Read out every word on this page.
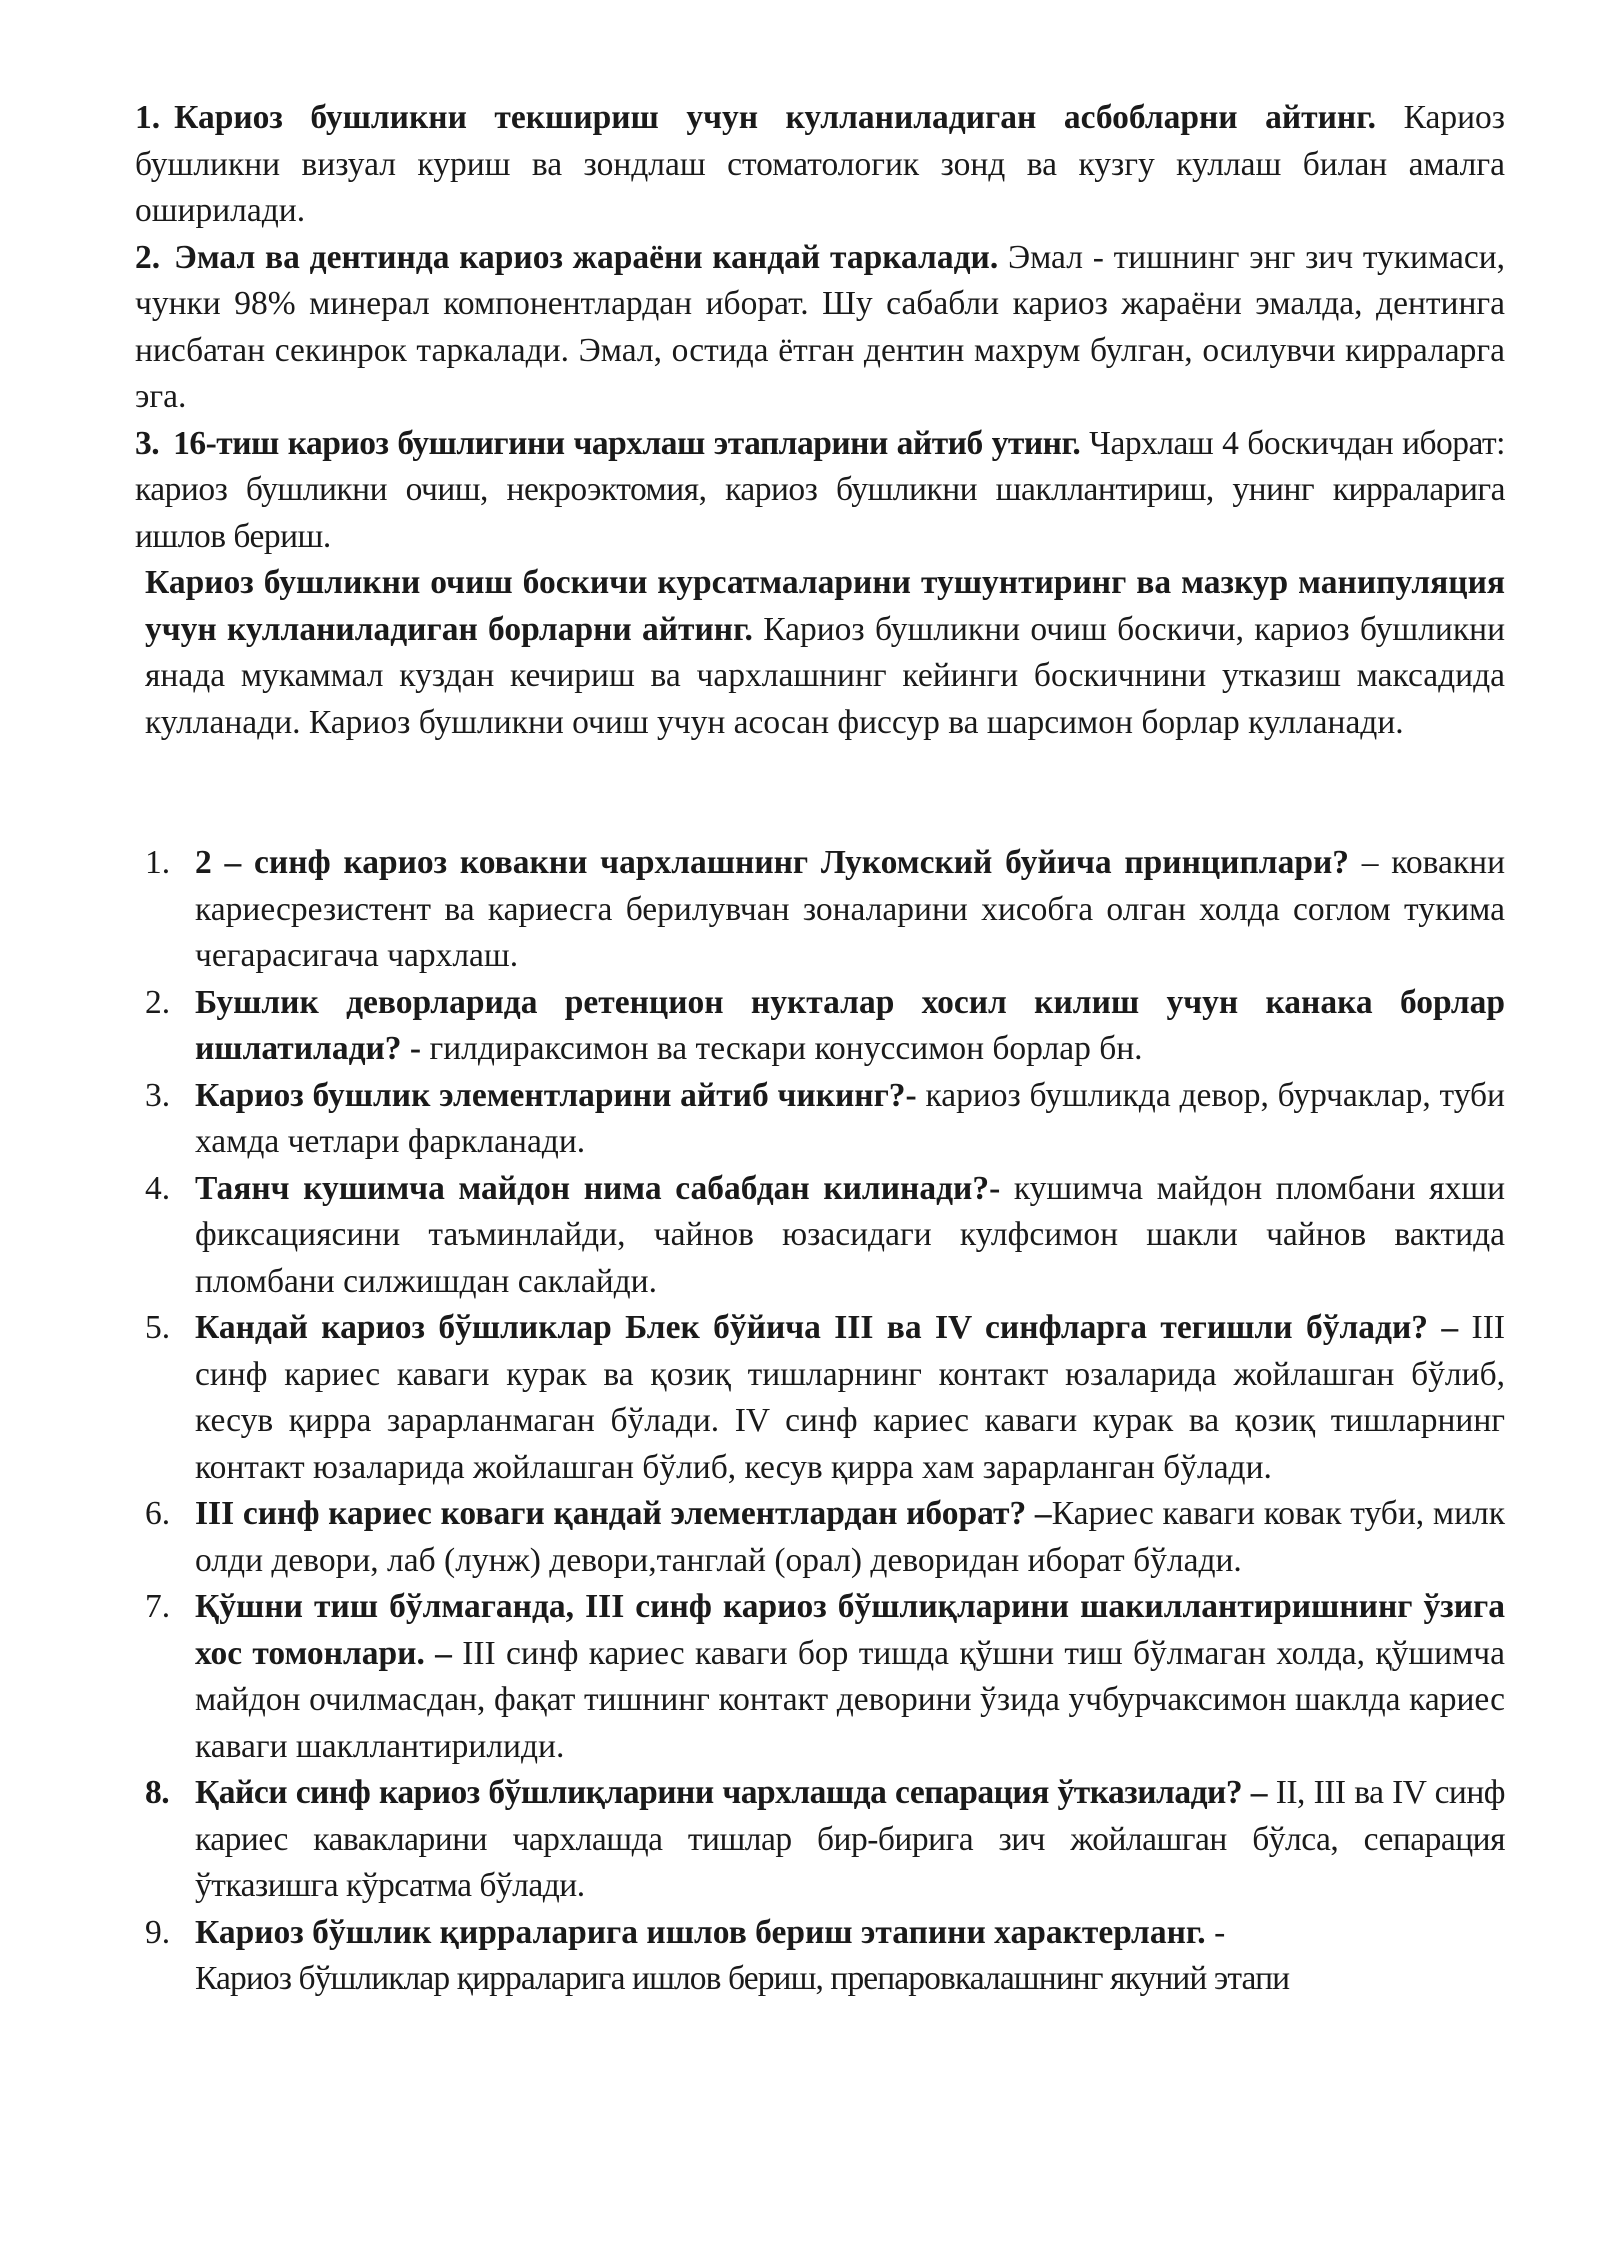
1. Кариоз бушликни текшириш учун кулланиладиган асбобларни айтинг. Кариоз бушликни визуал куриш ва зондлаш стоматологик зонд ва кузгу куллаш билан амалга оширилади.

2. Эмал ва дентинда кариоз жараёни кандай таркалади. Эмал - тишнинг энг зич тукимаси, чунки 98% минерал компонентлардан иборат. Шу сабабли кариоз жараёни эмалда, дентинга нисбатан секинрок таркалади. Эмал, остида ётган дентин махрум булган, осилувчи кирраларга эга.

3. 16-тиш кариоз бушлигини чархлаш этапларини айтиб утинг. Чархлаш 4 боскичдан иборат: кариоз бушликни очиш, некроэктомия, кариоз бушликни шакллантириш, унинг кирраларига ишлов бериш.

Кариоз бушликни очиш боскичи курсатмаларини тушунтиринг ва мазкур манипуляция учун кулланиладиган борларни айтинг. Кариоз бушликни очиш боскичи, кариоз бушликни янада мукаммал куздан кечириш ва чархлашнинг кейинги боскичнини утказиш максадида кулланади. Кариоз бушликни очиш учун асосан фиссур ва шарсимон борлар кулланади.

1. 2 – синф кариоз ковакни чархлашнинг Лукомский буйича принциплари? – ковакни кариесрезистент ва кариесга берилувчан зоналарини хисобга олган холда соглом тукима чегарасигача чархлаш.
2. Бушлик деворларида ретенцион нукталар хосил килиш учун канака борлар ишлатилади? - гилдираксимон ва тескари конуссимон борлар бн.
3. Кариоз бушлик элементларини айтиб чикинг?- кариоз бушликда девор, бурчаклар, туби хамда четлари фаркланади.
4. Таянч кушимча майдон нима сабабдан килинади?- кушимча майдон пломбани яхши фиксациясини таъминлайди, чайнов юзасидаги кулфсимон шакли чайнов вактида пломбани силжишдан саклайди.
5. Кандай кариоз бўшликлар Блек бўйича III ва IV синфларга тегишли бўлади? – III синф кариес каваги курак ва қозиқ тишларнинг контакт юзаларида жойлашган бўлиб, кесув қирра зарарланмаган бўлади. IV синф кариес каваги курак ва қозиқ тишларнинг контакт юзаларида жойлашган бўлиб, кесув қирра хам зарарланган бўлади.
6. III синф кариес коваги қандай элементлардан иборат? –Кариес каваги ковак туби, милк олди девори, лаб (лунж) девори,танглай (орал) деворидан иборат бўлади.
7. Қўшни тиш бўлмаганда, III синф кариоз бўшлиқларини шакиллантиришнинг ўзига хос томонлари. – III синф кариес каваги бор тишда қўшни тиш бўлмаган холда, қўшимча майдон очилмасдан, фақат тишнинг контакт деворини ўзида учбурчаксимон шаклда кариес каваги шакллантирилиди.
8. Қайси синф кариоз бўшлиқларини чархлашда сепарация ўтказилади? – II, III ва IV синф кариес кавакларини чархлашда тишлар бир-бирига зич жойлашган бўлса, сепарация ўтказишга кўрсатма бўлади.
9. Кариоз бўшлик қирраларига ишлов бериш этапини характерланг. -
Кариоз бўшликлар қирраларига ишлов бериш, препаровкалашнинг якуний этапи
